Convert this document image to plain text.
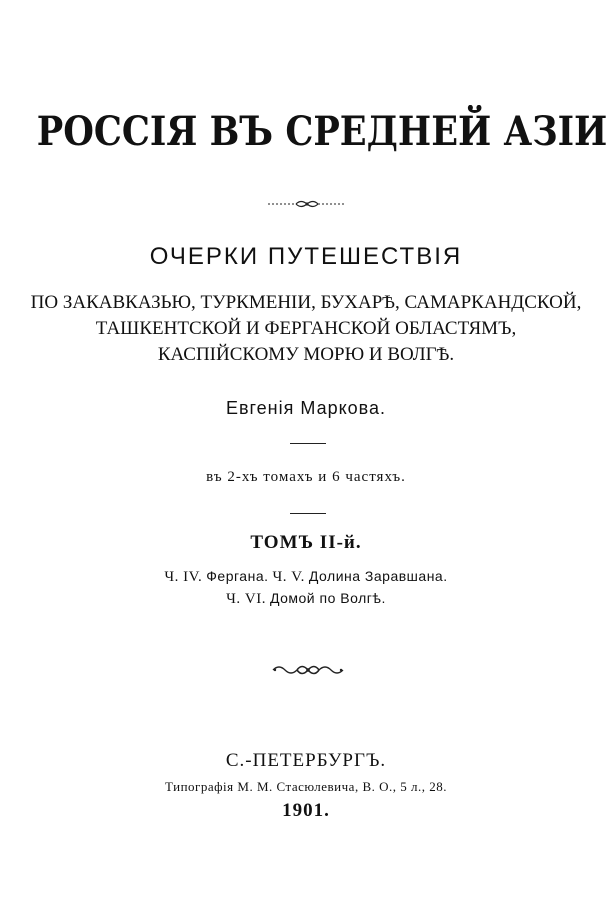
РОССІЯ ВЪ СРЕДНЕЙ АЗІИ
ОЧЕРКИ ПУТЕШЕСТВІЯ
ПО ЗАКАВКАЗЬЮ, ТУРКМЕНІИ, БУХАРѢ, САМАРКАНДСКОЙ,
ТАШКЕНТСКОЙ И ФЕРГАНСКОЙ ОБЛАСТЯМЪ,
КАСПІЙСКОМУ МОРЮ И ВОЛГѢ.
Евгенія Маркова.
въ 2-хъ томахъ и 6 частяхъ.
ТОМЪ II-й.
Ч. IV. Фергана. Ч. V. Долина Заравшана.
Ч. VI. Домой по Волгѣ.
С.-ПЕТЕРБУРГЪ.
Типографія М. М. Стасюлевича, В. О., 5 л., 28.
1901.
